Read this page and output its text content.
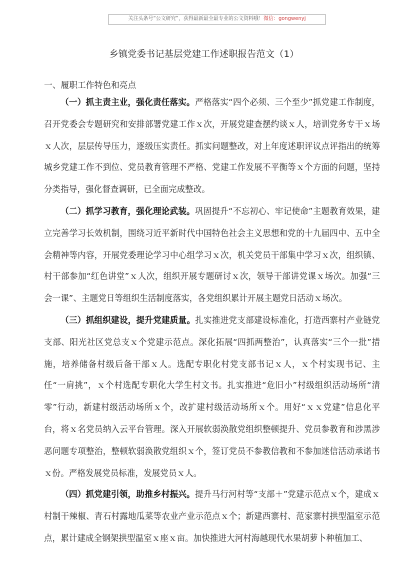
关注头条号“公文研究”，获得最新最全最专业的公文资料哦！微信：gongwenyj
乡镇党委书记基层党建工作述职报告范文（1）
一、履职工作特色和亮点

（一）抓主责主业，强化责任落实。严格落实“四个必须、三个至少”抓党建工作制度，召开党委会专题研究和安排部署党建工作ｘ次，开展党建查摆约谈ｘ人，培训党务专干ｘ场ｘ人次，层层传导压力，逐级压实责任。抓实问题整改，对上年度述职评议点评指出的统筹城乡党建工作不到位、党员教育管理不严格、党建工作发展不平衡等ｘ个方面的问题，坚持分类指导，强化督查调研，已全面完成整改。

（二）抓学习教育，强化理论武装。巩固提升“不忘初心、牢记使命”主题教育效果，建立完善学习长效机制，围绕习近平新时代中国特色社会主义思想和党的十九届四中、五中全会精神等内容，开展党委理论学习中心组学习ｘ次，机关党员干部集中学习ｘ次，组织镇、村干部参加“红色讲堂”ｘ人次，组织开展专题研讨ｘ次，领导干部讲党课ｘ场次。加强“三会一课”、主题党日等组织生活制度落实，各党组织累计开展主题党日活动ｘ场次。

（三）抓组织建设，提升党建质量。扎实推进党支部建设标准化，打造西寨村产业链党支部、阳光社区党总支ｘ个党建示范点。深化拓展“四抓两整治”，认真落实“三个一批”措施，培养储备村级后备干部ｘ人。选配专职化村党支部书记ｘ人，ｘ个村实现书记、主任“一肩挑”，ｘ个村选配专职化大学生村文书。扎实推进“危旧小”村级组织活动场所“清零”行动，新建村级活动场所ｘ个，改扩建村级活动场所ｘ个。用好“ｘｘ党建”信息化平台，将ｘ名党员纳入云平台管理。深入开展软弱涣散党组织整顿提升、党员参教育和涉黑涉恶问题专项整治，整顿软弱涣散党组织ｘ个，签订党员不参教信教和不参加迷信活动承诺书ｘ份。严格发展党员标准，发展党员ｘ人。

（四）抓党建引领，助推乡村振兴。提升马行河村等“支部＋”党建示范点ｘ个，建成ｘ村制干辣椒、青石村露地瓜菜等农业产业示范点ｘ个；新建西寨村、范家寨村拱型温室示范点，累计建成全钢架拱型温室ｘ座ｘ亩。加快推进大河村海越现代水果胡萝卜种植加工、
